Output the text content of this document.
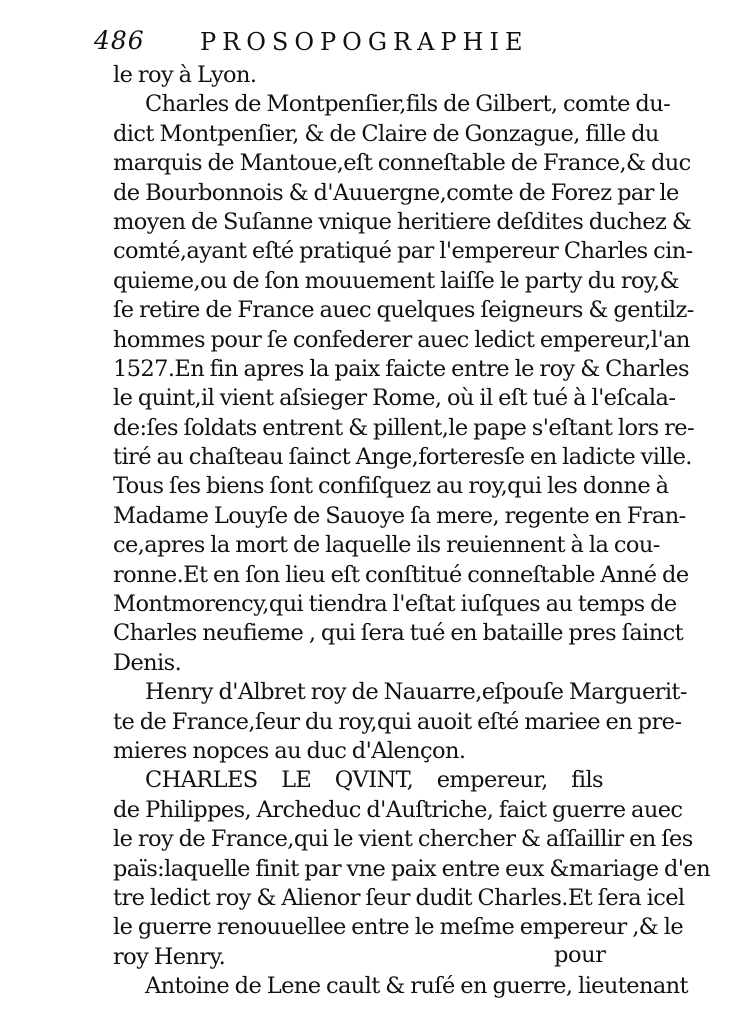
486 PROSOPOGRAPHIE
le roy à Lyon.
Charles de Montpenſier,fils de Gilbert, comte du-
dict Montpenſier, & de Claire de Gonzague, fille du
marquis de Mantoue,eſt conneſtable de France,& duc
de Bourbonnois & d'Auuergne,comte de Forez par le
moyen de Suſanne vnique heritiere deſdites duchez &
comté,ayant eſté pratiqué par l'empereur Charles cin-
quieme,ou de ſon mouuement laiſſe le party du roy,&
ſe retire de France auec quelques ſeigneurs & gentilz-
hommes pour ſe confederer auec ledict empereur,l'an
1527.En fin apres la paix faicte entre le roy & Charles
le quint,il vient aſsieger Rome, où il eſt tué à l'eſcala-
de:ſes ſoldats entrent & pillent,le pape s'eſtant lors re-
tiré au chaſteau ſainct Ange,forteresſe en ladicte ville.
Tous ſes biens ſont confiſquez au roy,qui les donne à
Madame Louyſe de Sauoye ſa mere, regente en Fran-
ce,apres la mort de laquelle ils reuiennent à la cou-
ronne.Et en ſon lieu eſt conſtitué conneſtable Anné de
Montmorency,qui tiendra l'eſtat iuſques au temps de
Charles neufieme , qui ſera tué en bataille pres ſainct
Denis.
Henry d'Albret roy de Nauarre,eſpouſe Marguerit-
te de France,ſeur du roy,qui auoit eſté mariee en pre-
mieres nopces au duc d'Alençon.
CHARLES LE QVINT, empereur, fils
de Philippes, Archeduc d'Auſtriche, faict guerre auec
le roy de France,qui le vient chercher & aſſaillir en ſes
païs:laquelle finit par vne paix entre eux &mariage d'en
tre ledict roy & Alienor ſeur dudit Charles.Et ſera icel
le guerre renouuellee entre le meſme empereur ,& le
roy Henry.
Antoine de Lene cault & ruſé en guerre, lieutenant
pour
